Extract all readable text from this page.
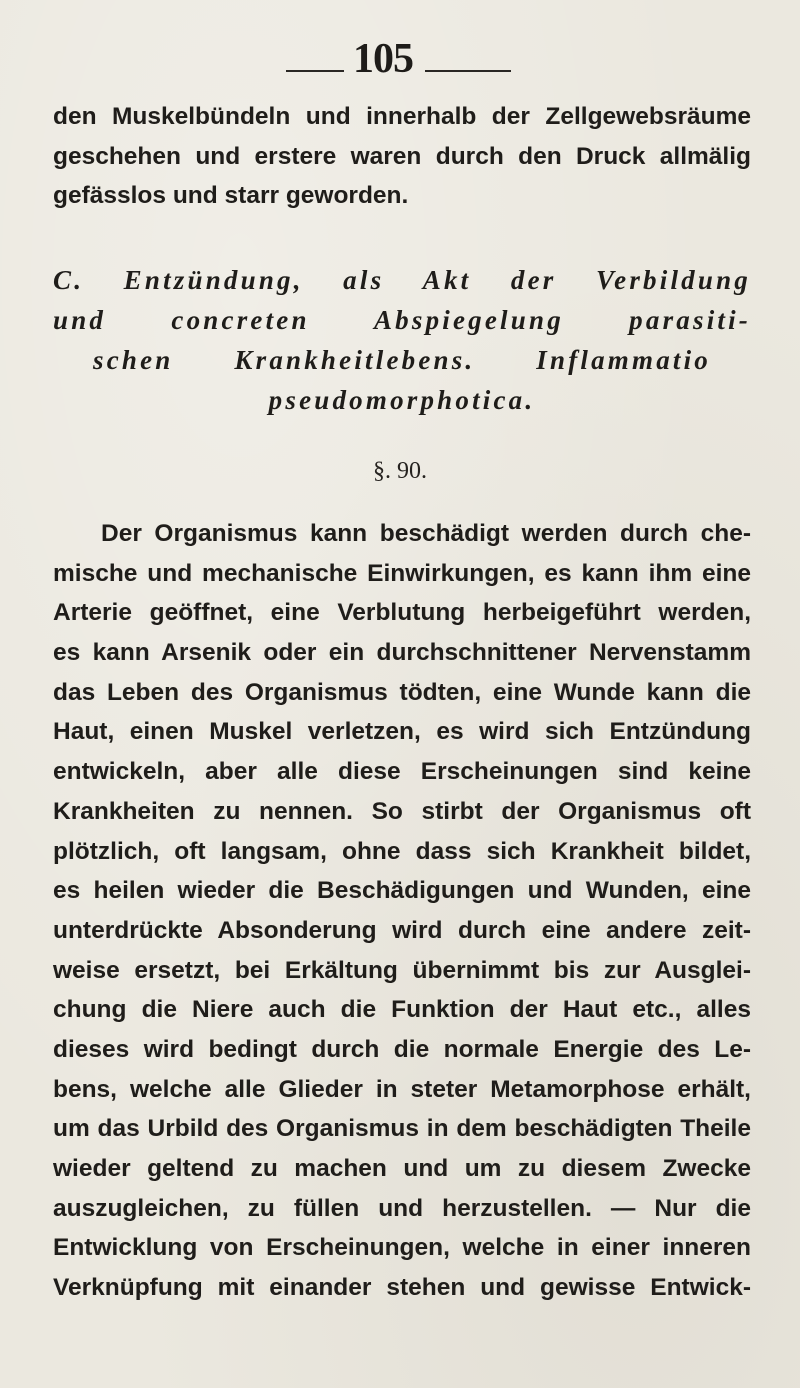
105
den Muskelbündeln und innerhalb der Zellgewebsräume
geschehen und erstere waren durch den Druck allmälig
gefässlos und starr geworden.
C. Entzündung, als Akt der Verbildung
und concreten Abspiegelung parasiti-
schen Krankheitlebens. Inflammatio
pseudomorphotica.
§. 90.
Der Organismus kann beschädigt werden durch che-
mische und mechanische Einwirkungen, es kann ihm eine
Arterie geöffnet, eine Verblutung herbeigeführt werden,
es kann Arsenik oder ein durchschnittener Nervenstamm
das Leben des Organismus tödten, eine Wunde kann die
Haut, einen Muskel verletzen, es wird sich Entzündung
entwickeln, aber alle diese Erscheinungen sind keine
Krankheiten zu nennen. So stirbt der Organismus oft
plötzlich, oft langsam, ohne dass sich Krankheit bildet,
es heilen wieder die Beschädigungen und Wunden, eine
unterdrückte Absonderung wird durch eine andere zeit-
weise ersetzt, bei Erkältung übernimmt bis zur Ausglei-
chung die Niere auch die Funktion der Haut etc., alles
dieses wird bedingt durch die normale Energie des Le-
bens, welche alle Glieder in steter Metamorphose erhält,
um das Urbild des Organismus in dem beschädigten Theile
wieder geltend zu machen und um zu diesem Zwecke
auszugleichen, zu füllen und herzustellen. — Nur die
Entwicklung von Erscheinungen, welche in einer inneren
Verknüpfung mit einander stehen und gewisse Entwick-
